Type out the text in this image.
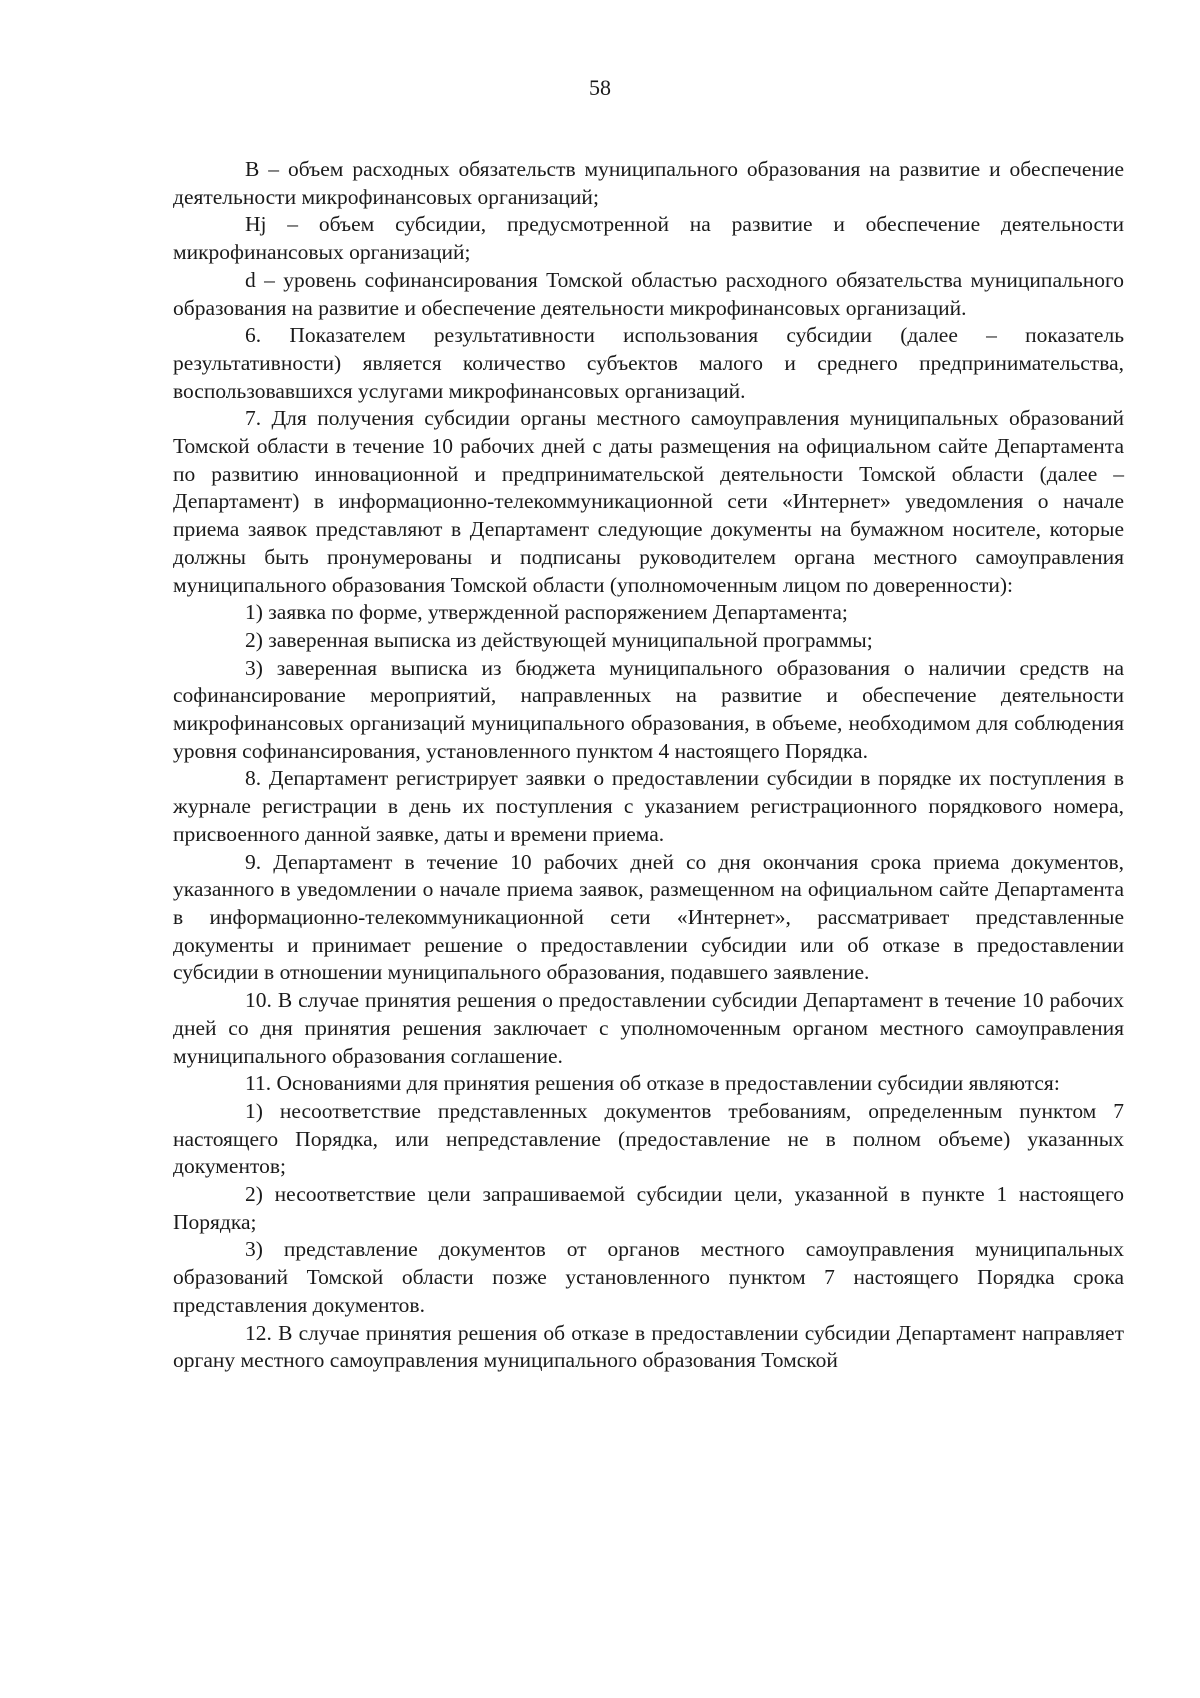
58

B – объем расходных обязательств муниципального образования на развитие и обеспечение деятельности микрофинансовых организаций;

Hj – объем субсидии, предусмотренной на развитие и обеспечение деятельности микрофинансовых организаций;

d – уровень софинансирования Томской областью расходного обязательства муниципального образования на развитие и обеспечение деятельности микрофинансовых организаций.

6. Показателем результативности использования субсидии (далее – показатель результативности) является количество субъектов малого и среднего предпринимательства, воспользовавшихся услугами микрофинансовых организаций.

7. Для получения субсидии органы местного самоуправления муниципальных образований Томской области в течение 10 рабочих дней с даты размещения на официальном сайте Департамента по развитию инновационной и предпринимательской деятельности Томской области (далее – Департамент) в информационно-телекоммуникационной сети «Интернет» уведомления о начале приема заявок представляют в Департамент следующие документы на бумажном носителе, которые должны быть пронумерованы и подписаны руководителем органа местного самоуправления муниципального образования Томской области (уполномоченным лицом по доверенности):

1) заявка по форме, утвержденной распоряжением Департамента;

2) заверенная выписка из действующей муниципальной программы;

3) заверенная выписка из бюджета муниципального образования о наличии средств на софинансирование мероприятий, направленных на развитие и обеспечение деятельности микрофинансовых организаций муниципального образования, в объеме, необходимом для соблюдения уровня софинансирования, установленного пунктом 4 настоящего Порядка.

8. Департамент регистрирует заявки о предоставлении субсидии в порядке их поступления в журнале регистрации в день их поступления с указанием регистрационного порядкового номера, присвоенного данной заявке, даты и времени приема.

9. Департамент в течение 10 рабочих дней со дня окончания срока приема документов, указанного в уведомлении о начале приема заявок, размещенном на официальном сайте Департамента в информационно-телекоммуникационной сети «Интернет», рассматривает представленные документы и принимает решение о предоставлении субсидии или об отказе в предоставлении субсидии в отношении муниципального образования, подавшего заявление.

10. В случае принятия решения о предоставлении субсидии Департамент в течение 10 рабочих дней со дня принятия решения заключает с уполномоченным органом местного самоуправления муниципального образования соглашение.

11. Основаниями для принятия решения об отказе в предоставлении субсидии являются:

1) несоответствие представленных документов требованиям, определенным пунктом 7 настоящего Порядка, или непредставление (предоставление не в полном объеме) указанных документов;

2) несоответствие цели запрашиваемой субсидии цели, указанной в пункте 1 настоящего Порядка;

3) представление документов от органов местного самоуправления муниципальных образований Томской области позже установленного пунктом 7 настоящего Порядка срока представления документов.

12. В случае принятия решения об отказе в предоставлении субсидии Департамент направляет органу местного самоуправления муниципального образования Томской
